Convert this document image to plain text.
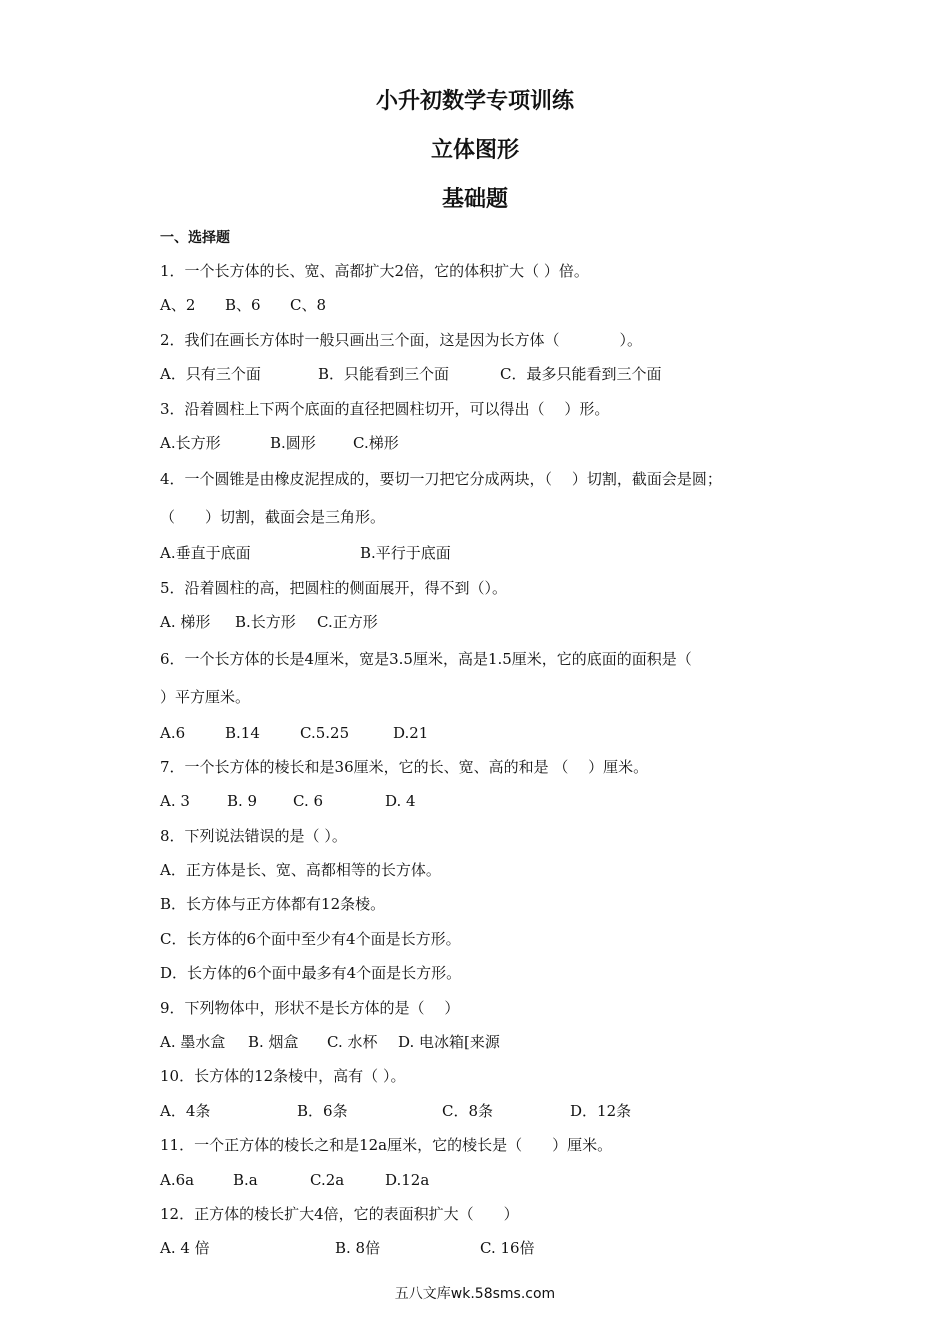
小升初数学专项训练
立体图形
基础题
一、选择题
1．一个长方体的长、宽、高都扩大2倍，它的体积扩大（ ）倍。
A、2 B、6 C、8
2．我们在画长方体时一般只画出三个面，这是因为长方体（　　　　）。
A．只有三个面	B．只能看到三个面	C．最多只能看到三个面
3．沿着圆柱上下两个底面的直径把圆柱切开，可以得出（　 ）形。
A.长方形	B.圆形 C.梯形
4．一个圆锥是由橡皮泥捏成的，要切一刀把它分成两块，（　 ）切割，截面会是圆；
（　　）切割，截面会是三角形。
A.垂直于底面	B.平行于底面
5．沿着圆柱的高，把圆柱的侧面展开，得不到（）。
A. 梯形 B.长方形 C.正方形
6．一个长方体的长是4厘米，宽是3.5厘米，高是1.5厘米，它的底面的面积是（
）平方厘米。
A.6	B.14	C.5.25	D.21
7．一个长方体的棱长和是36厘米，它的长、宽、高的和是 （　 ）厘米。
A. 3 B. 9 C. 6	D. 4
8．下列说法错误的是（ ）。
A．正方体是长、宽、高都相等的长方体。
B．长方体与正方体都有12条棱。
C．长方体的6个面中至少有4个面是长方形。
D．长方体的6个面中最多有4个面是长方形。
9．下列物体中，形状不是长方体的是（　 ）
A. 墨水盒 B. 烟盒 C. 水杯 D. 电冰箱[来源
10．长方体的12条棱中，高有（ ）。
A．4条	B．6条	C．8条	D．12条
11．一个正方体的棱长之和是12a厘米，它的棱长是（　　）厘米。
A.6a	B.a	C.2a	D.12a
12．正方体的棱长扩大4倍，它的表面积扩大（　　）
A. 4 倍	B. 8倍	C. 16倍
五八文库wk.58sms.com
